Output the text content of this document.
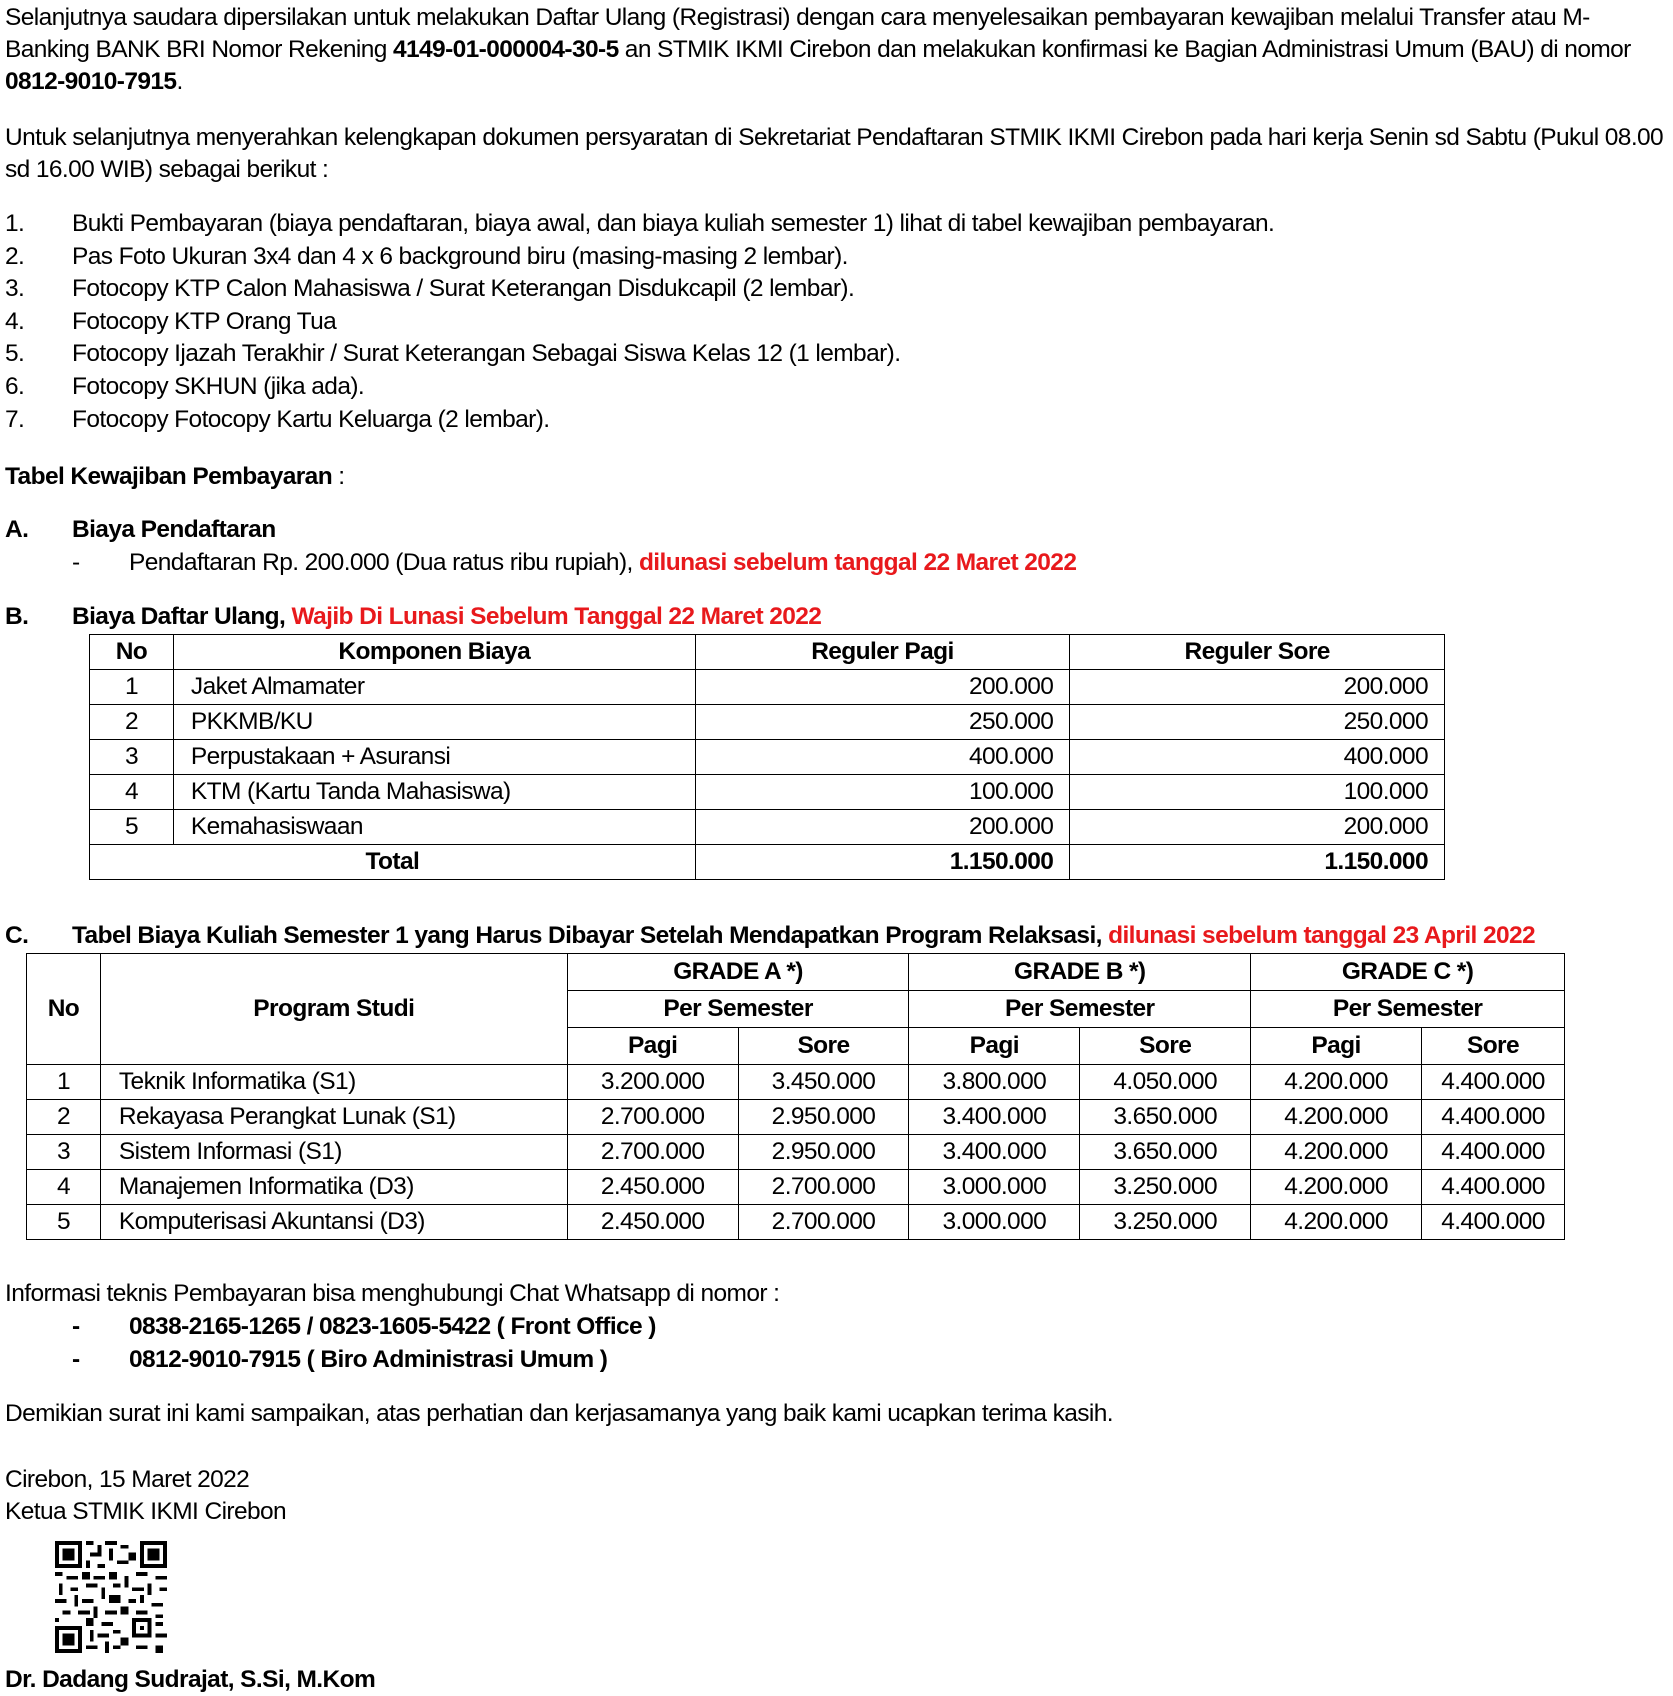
Selanjutnya saudara dipersilakan untuk melakukan Daftar Ulang (Registrasi) dengan cara menyelesaikan pembayaran kewajiban melalui Transfer atau M-Banking BANK BRI Nomor Rekening 4149-01-000004-30-5 an STMIK IKMI Cirebon dan melakukan konfirmasi ke Bagian Administrasi Umum (BAU) di nomor 0812-9010-7915.

Untuk selanjutnya menyerahkan kelengkapan dokumen persyaratan di Sekretariat Pendaftaran STMIK IKMI Cirebon pada hari kerja Senin sd Sabtu (Pukul 08.00 sd 16.00 WIB) sebagai berikut :

1. Bukti Pembayaran (biaya pendaftaran, biaya awal, dan biaya kuliah semester 1) lihat di tabel kewajiban pembayaran.
2. Pas Foto Ukuran 3x4 dan 4 x 6 background biru (masing-masing 2 lembar).
3. Fotocopy KTP Calon Mahasiswa / Surat Keterangan Disdukcapil (2 lembar).
4. Fotocopy KTP Orang Tua
5. Fotocopy Ijazah Terakhir / Surat Keterangan Sebagai Siswa Kelas 12 (1 lembar).
6. Fotocopy SKHUN (jika ada).
7. Fotocopy Fotocopy Kartu Keluarga (2 lembar).
Tabel Kewajiban Pembayaran :
A. Biaya Pendaftaran
- Pendaftaran Rp. 200.000 (Dua ratus ribu rupiah), dilunasi sebelum tanggal 22 Maret 2022
B. Biaya Daftar Ulang, Wajib Di Lunasi Sebelum Tanggal 22 Maret 2022
No	Komponen Biaya	Reguler Pagi	Reguler Sore
1	Jaket Almamater	200.000	200.000
2	PKKMB/KU	250.000	250.000
3	Perpustakaan + Asuransi	400.000	400.000
4	KTM (Kartu Tanda Mahasiswa)	100.000	100.000
5	Kemahasiswaan	200.000	200.000
Total		1.150.000	1.150.000
C. Tabel Biaya Kuliah Semester 1 yang Harus Dibayar Setelah Mendapatkan Program Relaksasi, dilunasi sebelum tanggal 23 April 2022
No	Program Studi	GRADE A *)		GRADE B *)		GRADE C *)	
		Per Semester		Per Semester		Per Semester	
		Pagi	Sore	Pagi	Sore	Pagi	Sore
1	Teknik Informatika (S1)	3.200.000	3.450.000	3.800.000	4.050.000	4.200.000	4.400.000
2	Rekayasa Perangkat Lunak (S1)	2.700.000	2.950.000	3.400.000	3.650.000	4.200.000	4.400.000
3	Sistem Informasi (S1)	2.700.000	2.950.000	3.400.000	3.650.000	4.200.000	4.400.000
4	Manajemen Informatika (D3)	2.450.000	2.700.000	3.000.000	3.250.000	4.200.000	4.400.000
5	Komputerisasi Akuntansi (D3)	2.450.000	2.700.000	3.000.000	3.250.000	4.200.000	4.400.000
Informasi teknis Pembayaran bisa menghubungi Chat Whatsapp di nomor :
- 0838-2165-1265 / 0823-1605-5422 ( Front Office )
- 0812-9010-7915 ( Biro Administrasi Umum )
Demikian surat ini kami sampaikan, atas perhatian dan kerjasamanya yang baik kami ucapkan terima kasih.
Cirebon, 15 Maret 2022
Ketua STMIK IKMI Cirebon
Dr. Dadang Sudrajat, S.Si, M.Kom
